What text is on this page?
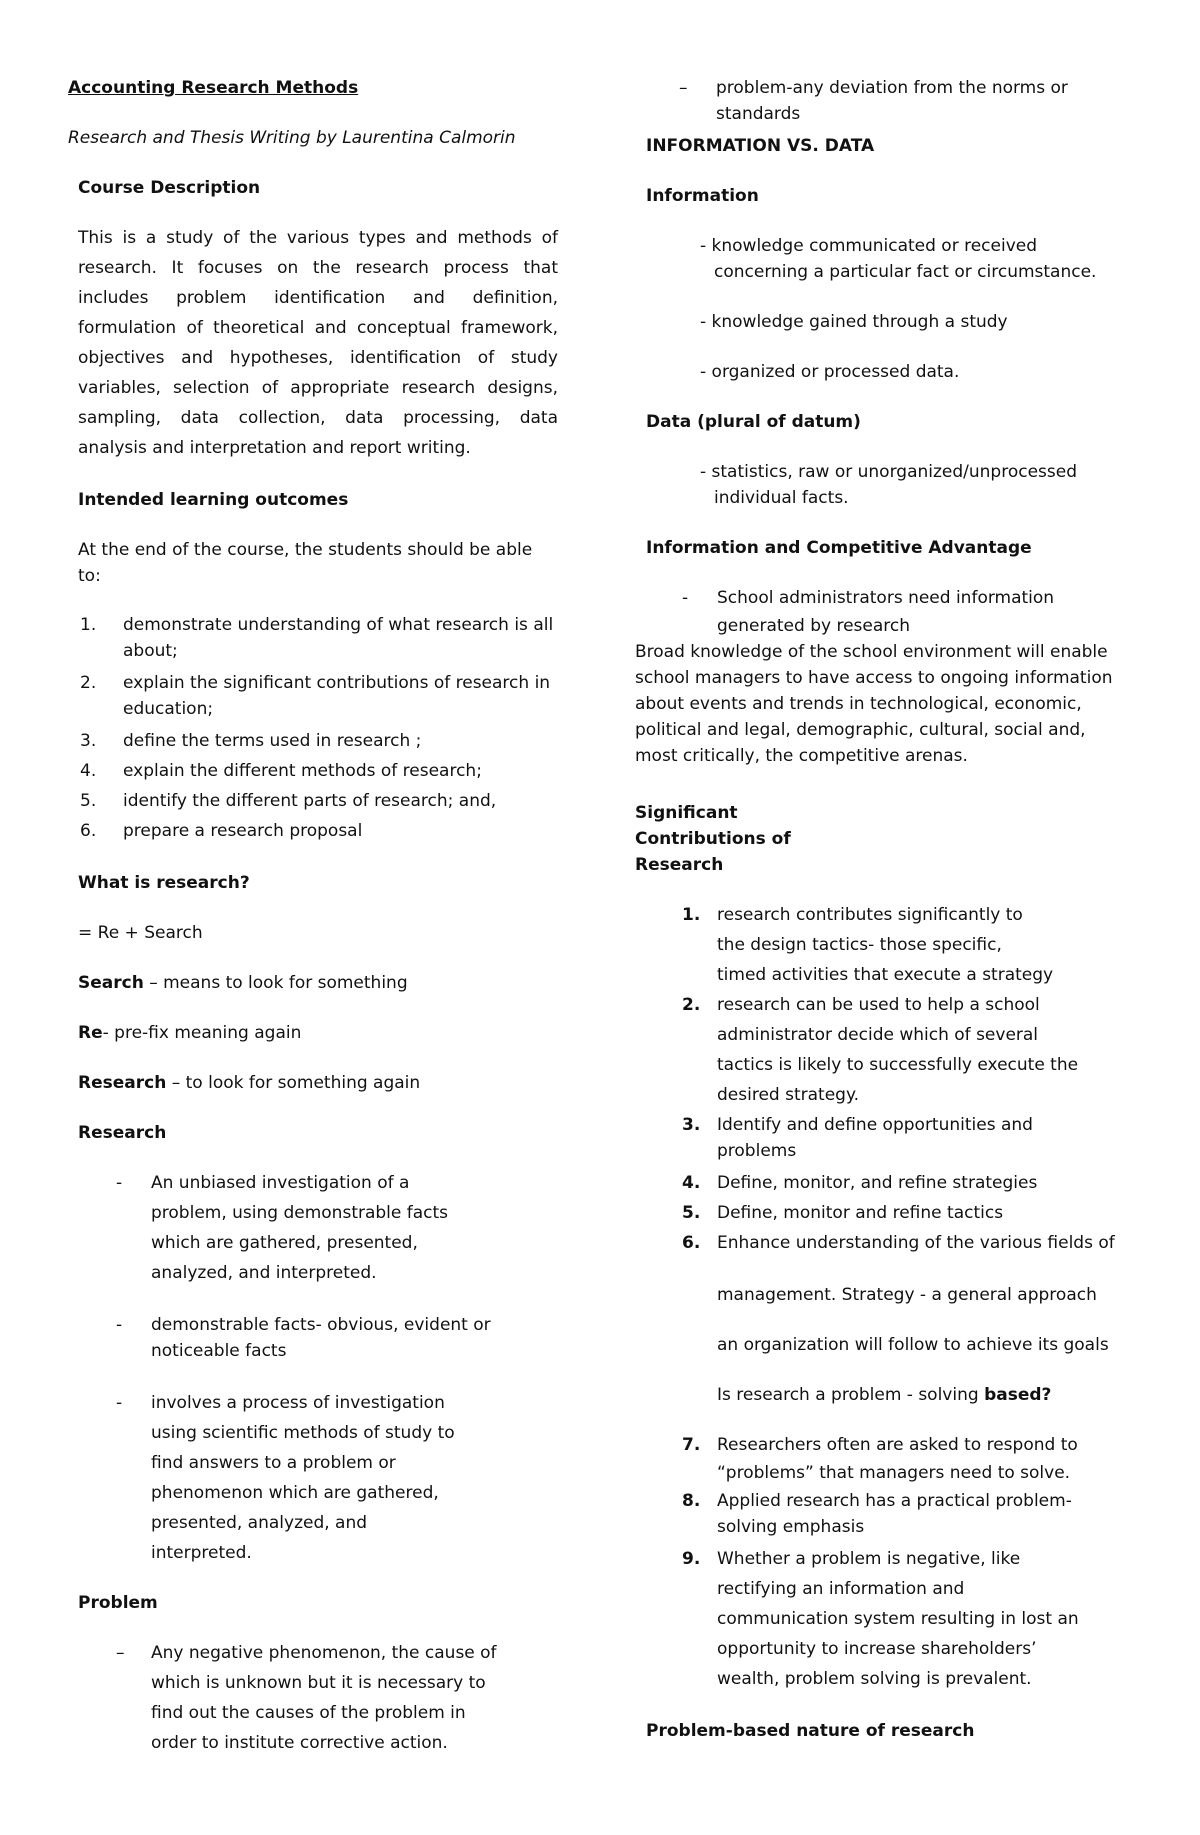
Accounting Research Methods
Research and Thesis Writing by Laurentina Calmorin
Course Description
This is a study of the various types and methods of
research. It focuses on the research process that
includes problem identification and definition,
formulation of theoretical and conceptual framework,
objectives and hypotheses, identification of study
variables, selection of appropriate research designs,
sampling, data collection, data processing, data
analysis and interpretation and report writing.
Intended learning outcomes
At the end of the course, the students should be able
to:
1. demonstrate understanding of what research is all
about;
2. explain the significant contributions of research in
education;
3. define the terms used in research ;
4. explain the different methods of research;
5. identify the different parts of research; and,
6. prepare a research proposal
What is research?
= Re + Search
Search – means to look for something
Re- pre-fix meaning again
Research – to look for something again
Research
- An unbiased investigation of a
problem, using demonstrable facts
which are gathered, presented,
analyzed, and interpreted.
- demonstrable facts- obvious, evident or
noticeable facts
- involves a process of investigation
using scientific methods of study to
find answers to a problem or
phenomenon which are gathered,
presented, analyzed, and
interpreted.
Problem
– Any negative phenomenon, the cause of
which is unknown but it is necessary to
find out the causes of the problem in
order to institute corrective action.
– problem-any deviation from the norms or
standards
INFORMATION VS. DATA
Information
- knowledge communicated or received
concerning a particular fact or circumstance.
- knowledge gained through a study
- organized or processed data.
Data (plural of datum)
- statistics, raw or unorganized/unprocessed
individual facts.
Information and Competitive Advantage
- School administrators need information
generated by research
Broad knowledge of the school environment will enable
school managers to have access to ongoing information
about events and trends in technological, economic,
political and legal, demographic, cultural, social and,
most critically, the competitive arenas.
Significant
Contributions of
Research
1. research contributes significantly to
the design tactics- those specific,
timed activities that execute a strategy
2. research can be used to help a school
administrator decide which of several
tactics is likely to successfully execute the
desired strategy.
3. Identify and define opportunities and
problems
4. Define, monitor, and refine strategies
5. Define, monitor and refine tactics
6. Enhance understanding of the various fields of
management. Strategy - a general approach
an organization will follow to achieve its goals
Is research a problem - solving based?
7. Researchers often are asked to respond to
“problems” that managers need to solve.
8. Applied research has a practical problem-
solving emphasis
9. Whether a problem is negative, like
rectifying an information and
communication system resulting in lost an
opportunity to increase shareholders’
wealth, problem solving is prevalent.
Problem-based nature of research
